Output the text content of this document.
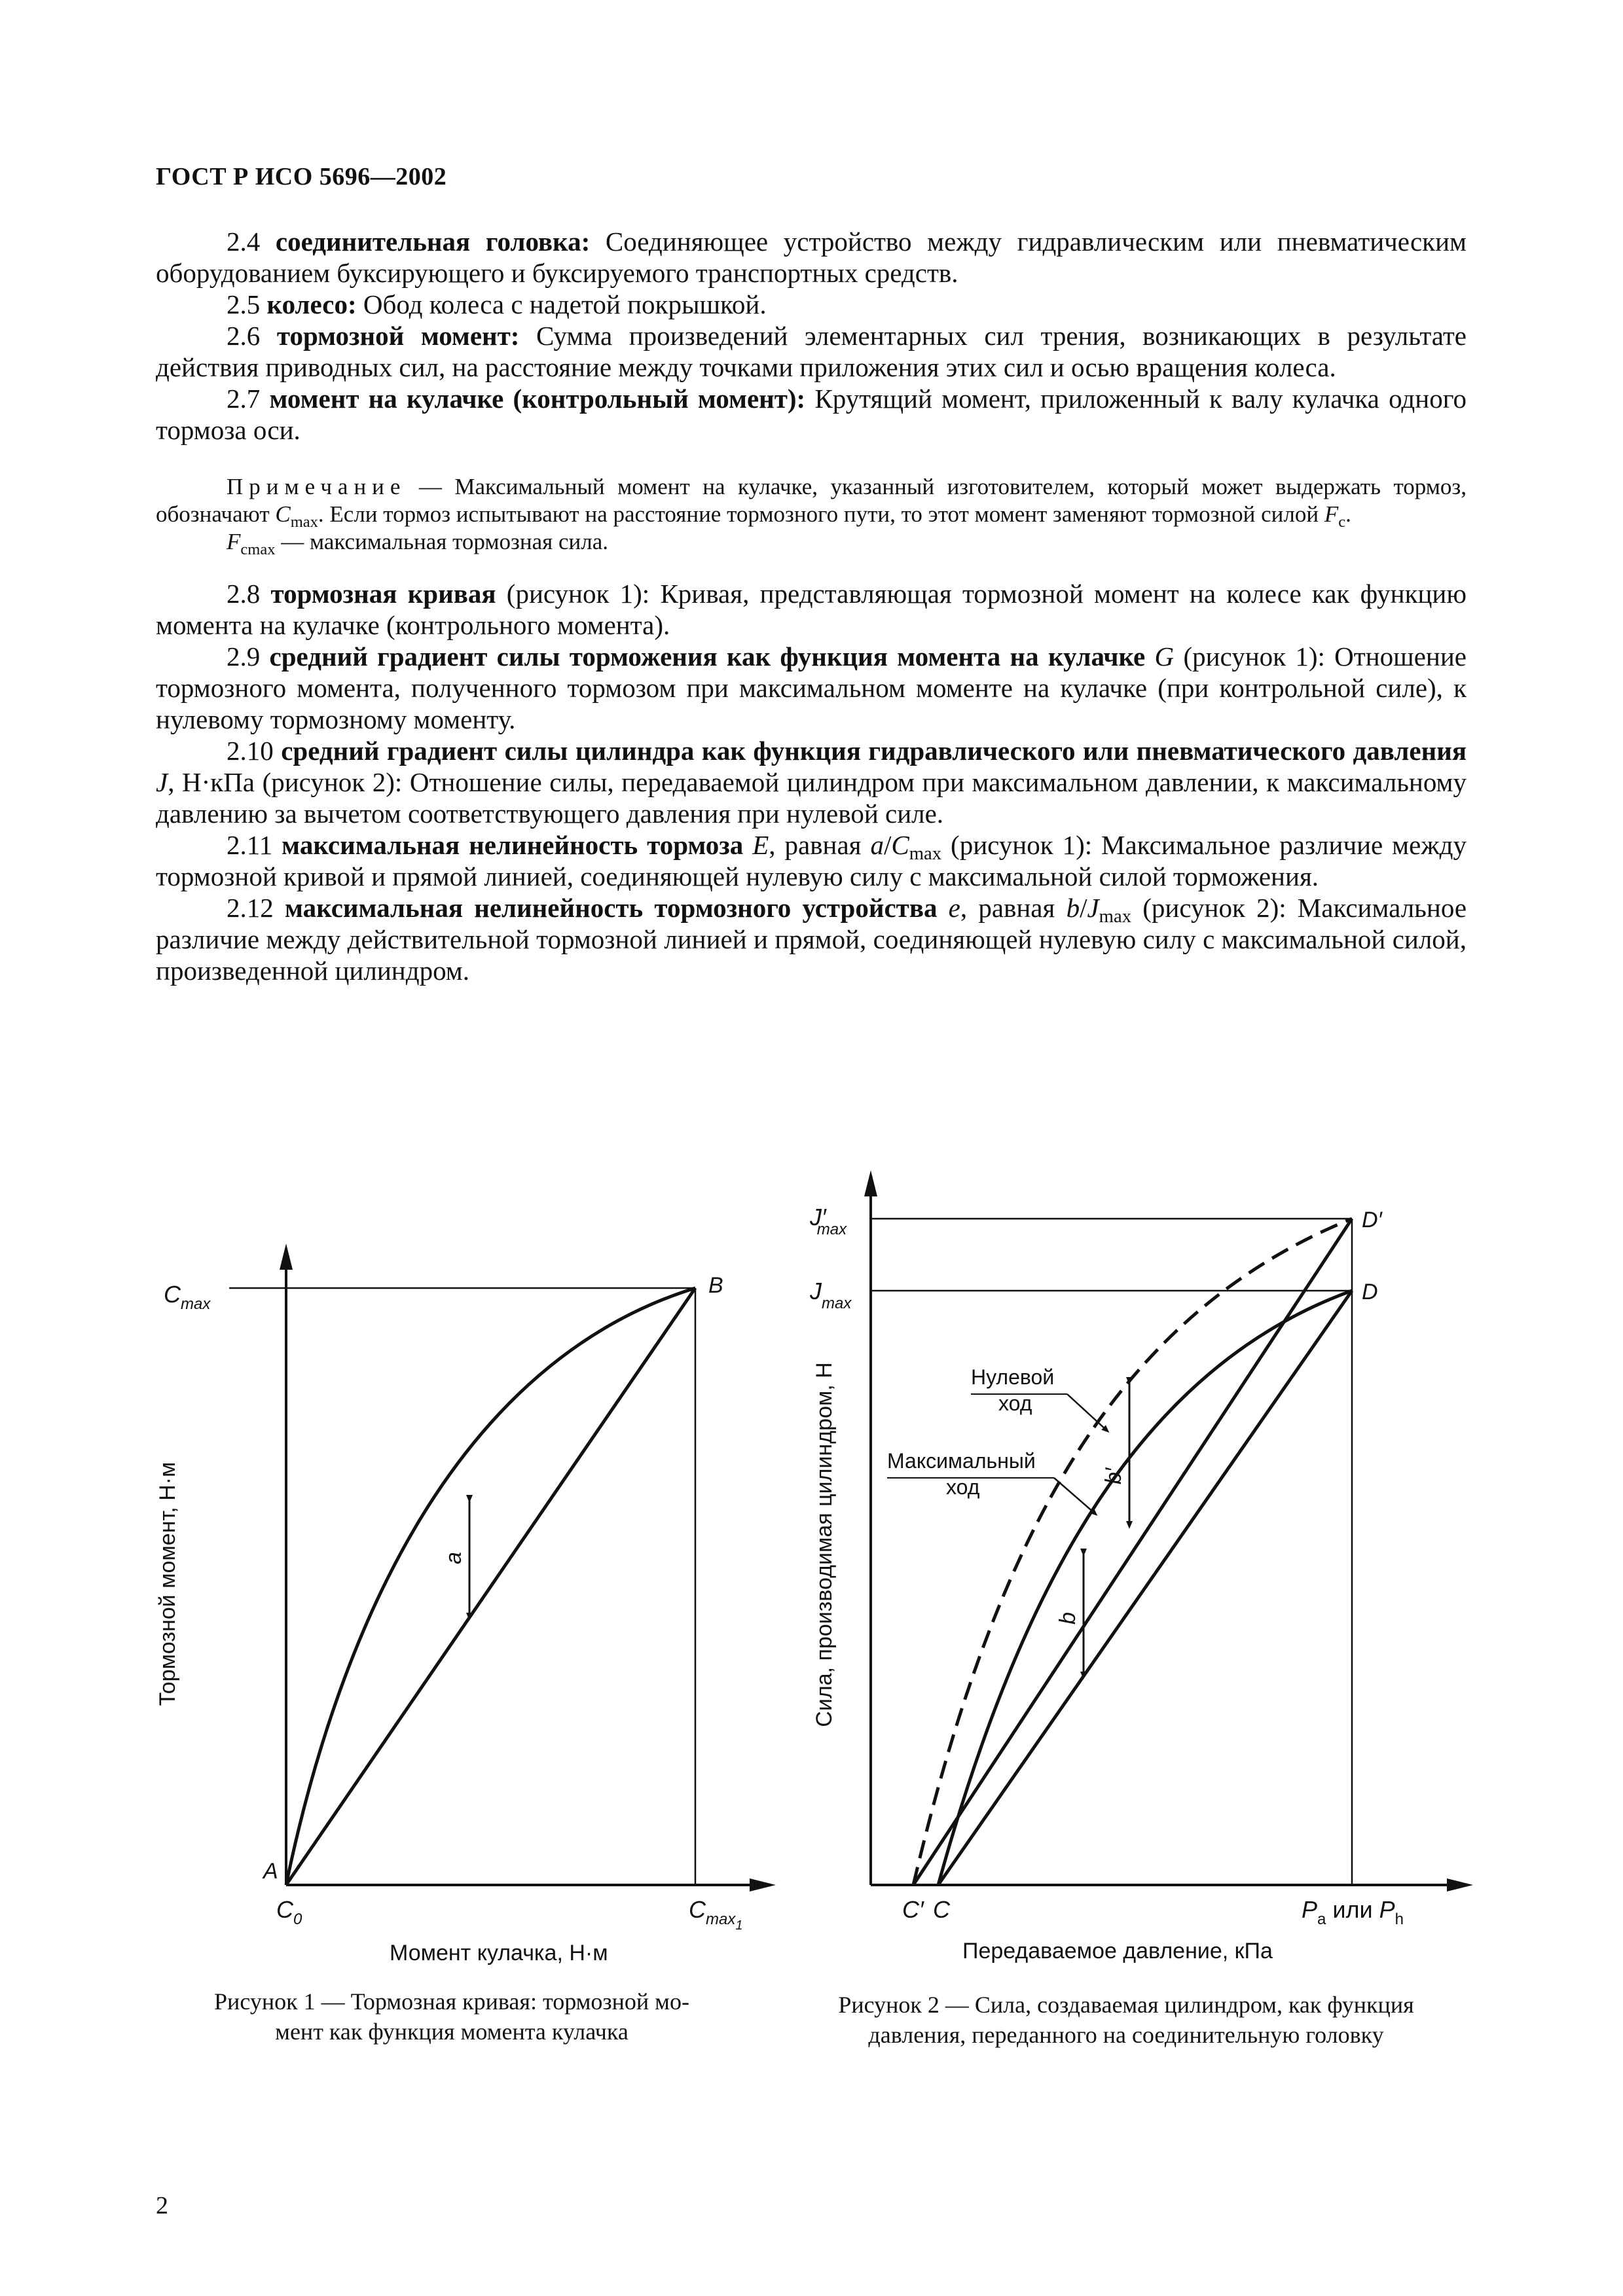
ГОСТ Р ИСО 5696—2002

2.4 соединительная головка: Соединяющее устройство между гидравлическим или пневматическим оборудованием буксирующего и буксируемого транспортных средств.

2.5 колесо: Обод колеса с надетой покрышкой.

2.6 тормозной момент: Сумма произведений элементарных сил трения, возникающих в результате действия приводных сил, на расстояние между точками приложения этих сил и осью вращения колеса.

2.7 момент на кулачке (контрольный момент): Крутящий момент, приложенный к валу кулачка одного тормоза оси.

Примечание — Максимальный момент на кулачке, указанный изготовителем, который может выдержать тормоз, обозначают $C_{max}$. Если тормоз испытывают на расстояние тормозного пути, то этот момент заменяют тормозной силой $F_c$.

$F_{cmax}$ — максимальная тормозная сила.

2.8 тормозная кривая (рисунок 1): Кривая, представляющая тормозной момент на колесе как функцию момента на кулачке (контрольного момента).

2.9 средний градиент силы торможения как функция момента на кулачке G (рисунок 1): Отношение тормозного момента, полученного тормозом при максимальном моменте на кулачке (при контрольной силе), к нулевому тормозному моменту.

2.10 средний градиент силы цилиндра как функция гидравлического или пневматического давления J, Н·кПа (рисунок 2): Отношение силы, передаваемой цилиндром при максимальном давлении, к максимальному давлению за вычетом соответствующего давления при нулевой силе.

2.11 максимальная нелинейность тормоза E, равная $a/C_{max}$ (рисунок 1): Максимальное различие между тормозной кривой и прямой линией, соединяющей нулевую силу с максимальной силой торможения.

2.12 максимальная нелинейность тормозного устройства e, равная $b/J_{max}$ (рисунок 2): Максимальное различие между действительной тормозной линией и прямой, соединяющей нулевую силу с максимальной силой, произведенной цилиндром.

a
$C_{max}$
B
A
$C_0$	$C_{max1}$
Момент кулачка, Н·м
Тормозной момент, Н·м
Рисунок 1 — Тормозная кривая: тормозной мо-
мент как функция момента кулачка
b′
b
Нулевой
ход
Максимальный
ход
J′max
$J_{max}$
D′
D
C′ C	$P_a$ или $P_h$
Передаваемое давление, кПа
Сила, производимая цилиндром, Н
Рисунок 2 — Сила, создаваемая цилиндром, как функция
давления, переданного на соединительную головку
2
